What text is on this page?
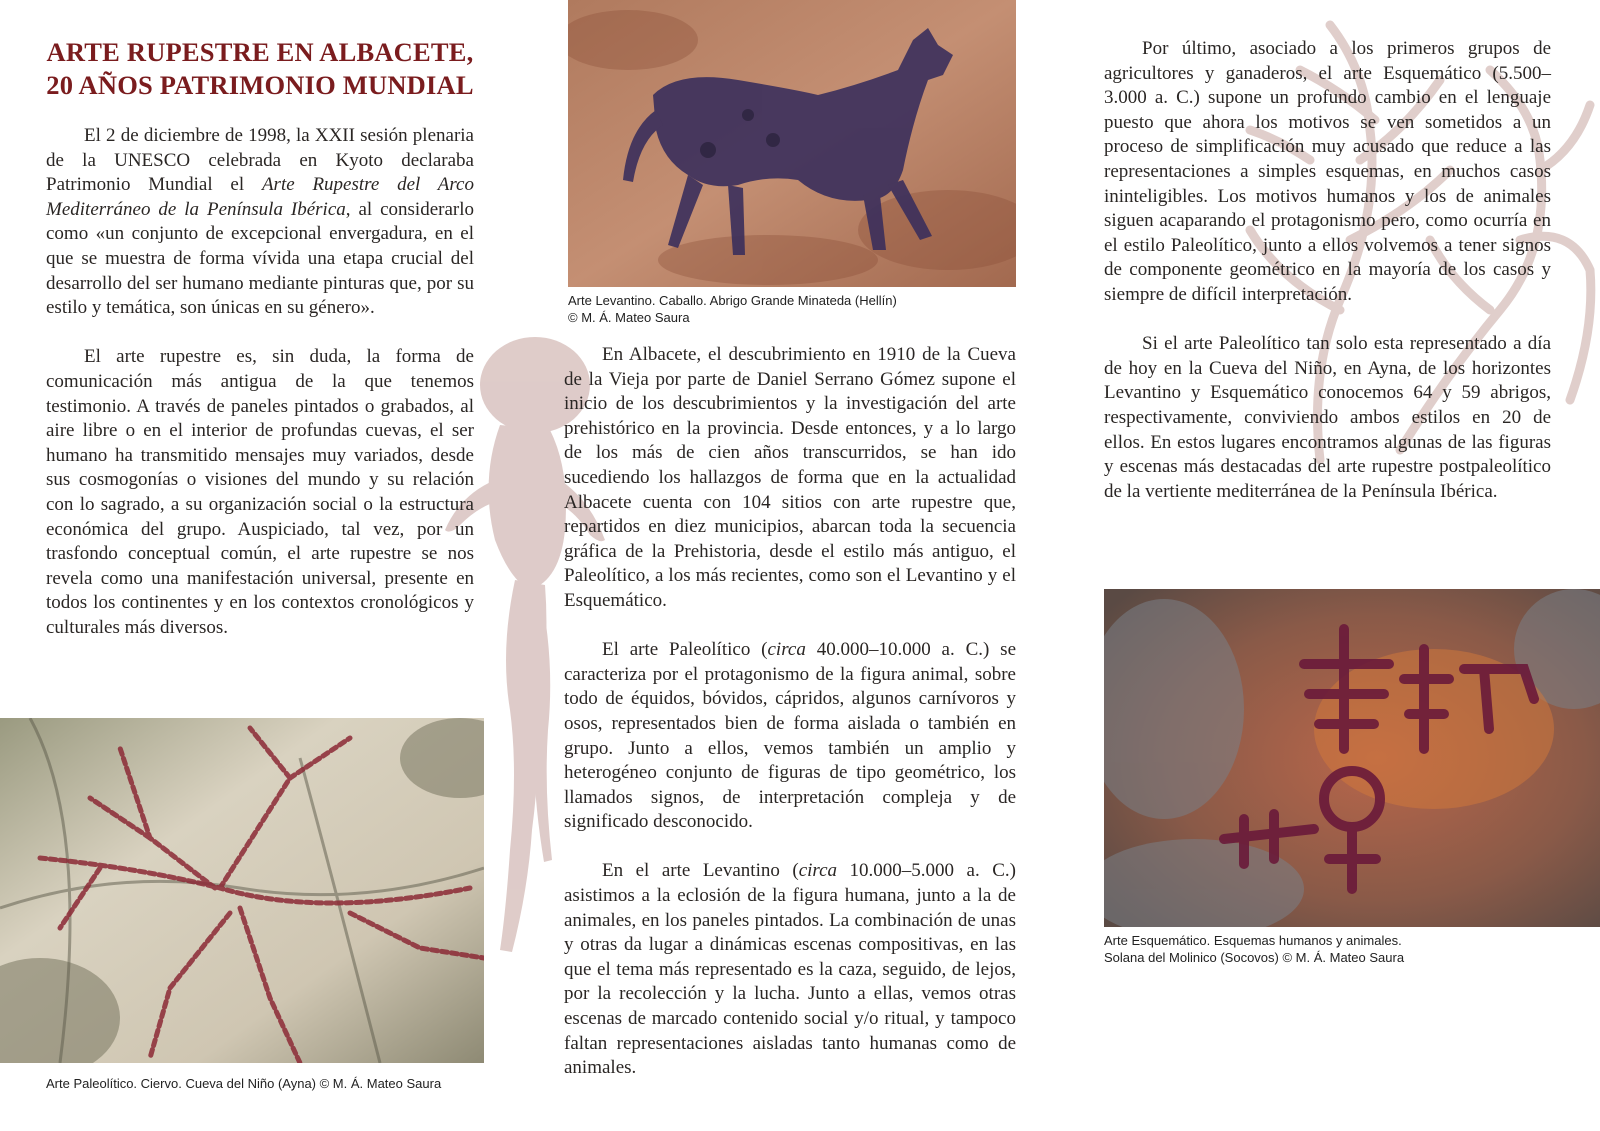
ARTE RUPESTRE EN ALBACETE,
20 AÑOS PATRIMONIO MUNDIAL

El 2 de diciembre de 1998, la XXII sesión plenaria de la UNESCO celebrada en Kyoto declaraba Patrimonio Mundial el Arte Rupestre del Arco Mediterráneo de la Península Ibérica, al considerarlo como «un conjunto de excepcional envergadura, en el que se muestra de forma vívida una etapa crucial del desarrollo del ser humano mediante pinturas que, por su estilo y temática, son únicas en su género».

El arte rupestre es, sin duda, la forma de comunicación más antigua de la que tenemos testimonio. A través de paneles pintados o grabados, al aire libre o en el interior de profundas cuevas, el ser humano ha transmitido mensajes muy variados, desde sus cosmogonías o visiones del mundo y su relación con lo sagrado, a su organización social o la estructura económica del grupo. Auspiciado, tal vez, por un trasfondo conceptual común, el arte rupestre se nos revela como una manifestación universal, presente en todos los continentes y en los contextos cronológicos y culturales más diversos.

Arte Levantino. Caballo. Abrigo Grande Minateda (Hellín)
© M. Á. Mateo Saura

En Albacete, el descubrimiento en 1910 de la Cueva de la Vieja por parte de Daniel Serrano Gómez supone el inicio de los descubrimientos y la investigación del arte prehistórico en la provincia. Desde entonces, y a lo largo de los más de cien años transcurridos, se han ido sucediendo los hallazgos de forma que en la actualidad Albacete cuenta con 104 sitios con arte rupestre que, repartidos en diez municipios, abarcan toda la secuencia gráfica de la Prehistoria, desde el estilo más antiguo, el Paleolítico, a los más recientes, como son el Levantino y el Esquemático.

El arte Paleolítico (circa 40.000–10.000 a. C.) se caracteriza por el protagonismo de la figura animal, sobre todo de équidos, bóvidos, cápridos, algunos carnívoros y osos, representados bien de forma aislada o también en grupo. Junto a ellos, vemos también un amplio y heterogéneo conjunto de figuras de tipo geométrico, los llamados signos, de interpretación compleja y de significado desconocido.

En el arte Levantino (circa 10.000–5.000 a. C.) asistimos a la eclosión de la figura humana, junto a la de animales, en los paneles pintados. La combinación de unas y otras da lugar a dinámicas escenas compositivas, en las que el tema más representado es la caza, seguido, de lejos, por la recolección y la lucha. Junto a ellas, vemos otras escenas de marcado contenido social y/o ritual, y tampoco faltan representaciones aisladas tanto humanas como de animales.

Arte Paleolítico. Ciervo. Cueva del Niño (Ayna) © M. Á. Mateo Saura

Por último, asociado a los primeros grupos de agricultores y ganaderos, el arte Esquemático (5.500–3.000 a. C.) supone un profundo cambio en el lenguaje puesto que ahora los motivos se ven sometidos a un proceso de simplificación muy acusado que reduce a las representaciones a simples esquemas, en muchos casos ininteligibles. Los motivos humanos y los de animales siguen acaparando el protagonismo pero, como ocurría en el estilo Paleolítico, junto a ellos volvemos a tener signos de componente geométrico en la mayoría de los casos y siempre de difícil interpretación.

Si el arte Paleolítico tan solo esta representado a día de hoy en la Cueva del Niño, en Ayna, de los horizontes Levantino y Esquemático conocemos 64 y 59 abrigos, respectivamente, conviviendo ambos estilos en 20 de ellos. En estos lugares encontramos algunas de las figuras y escenas más destacadas del arte rupestre postpaleolítico de la vertiente mediterránea de la Península Ibérica.

Arte Esquemático. Esquemas humanos y animales.
Solana del Molinico (Socovos) © M. Á. Mateo Saura
